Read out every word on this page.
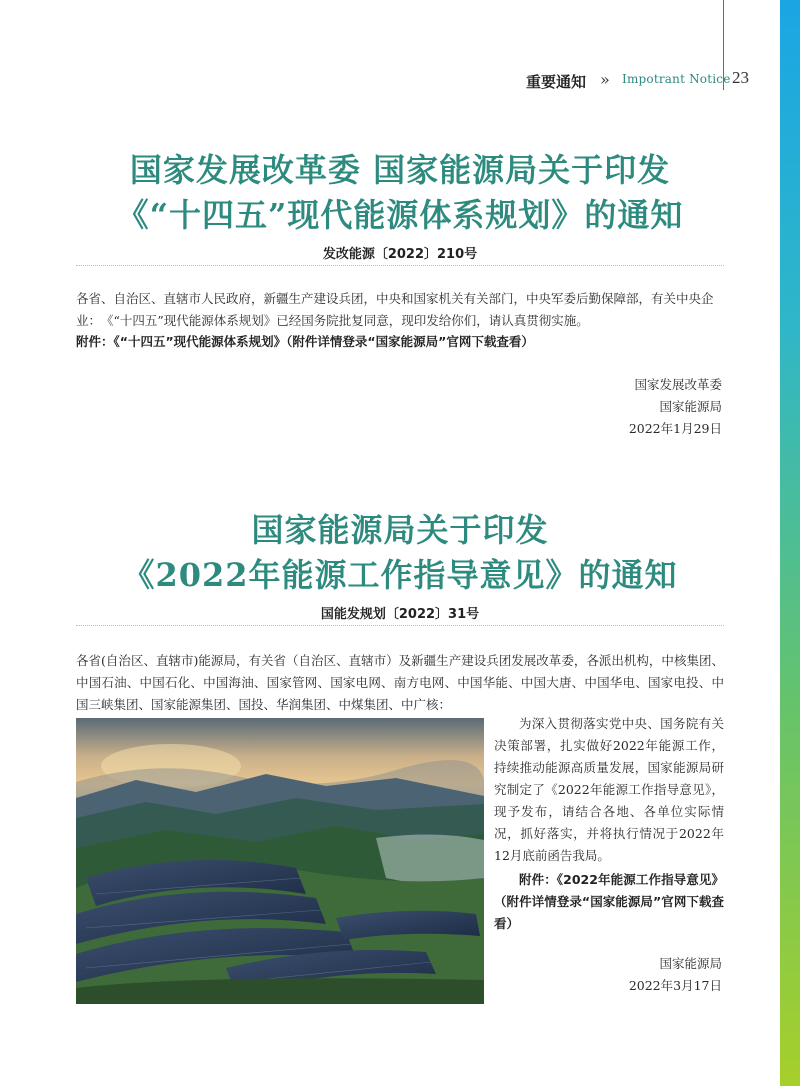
重要通知 » Impotrant Notice 23
国家发展改革委 国家能源局关于印发
《“十四五”现代能源体系规划》的通知
发改能源〔2022〕210号
各省、自治区、直辖市人民政府，新疆生产建设兵团，中央和国家机关有关部门，中央军委后勤保障部，有关中央企业： 《“十四五”现代能源体系规划》已经国务院批复同意，现印发给你们，请认真贯彻实施。
附件：《“十四五”现代能源体系规划》（附件详情登录“国家能源局”官网下载查看）
国家发展改革委
国家能源局
2022年1月29日
国家能源局关于印发
《2022年能源工作指导意见》的通知
国能发规划〔2022〕31号
各省(自治区、直辖市)能源局，有关省（自治区、直辖市）及新疆生产建设兵团发展改革委，各派出机构，中核集团、中国石油、中国石化、中国海油、国家管网、国家电网、南方电网、中国华能、中国大唐、中国华电、国家电投、中国三峡集团、国家能源集团、国投、华润集团、中煤集团、中广核：
为深入贯彻落实党中央、国务院有关决策部署，扎实做好2022年能源工作，持续推动能源高质量发展，国家能源局研究制定了《2022年能源工作指导意见》，现予发布，请结合各地、各单位实际情况，抓好落实，并将执行情况于2022年12月底前函告我局。
附件：《2022年能源工作指导意见》（附件详情登录“国家能源局”官网下载查看）
国家能源局
2022年3月17日
